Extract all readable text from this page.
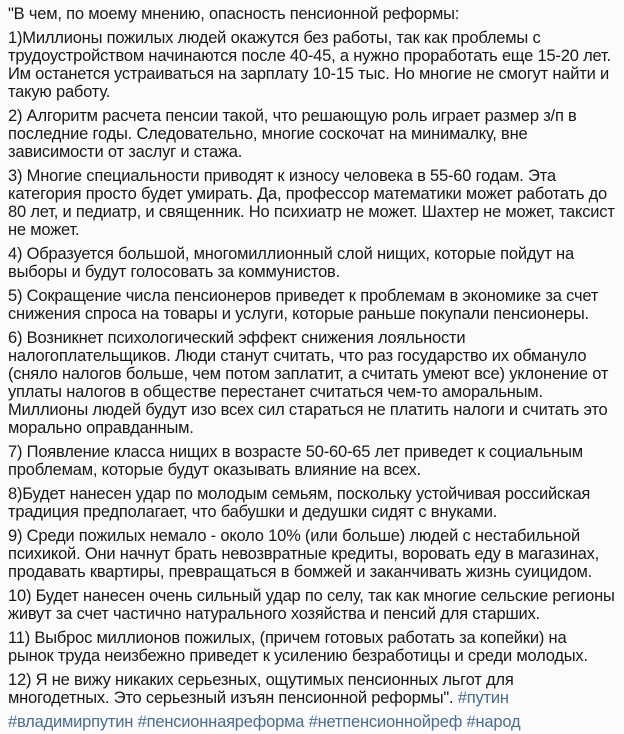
"В чем, по моему мнению, опасность пенсионной реформы:

1)Миллионы пожилых людей окажутся без работы, так как проблемы с трудоустройством начинаются после 40-45, а нужно проработать еще 15-20 лет. Им останется устраиваться на зарплату 10-15 тыс. Но многие не смогут найти и такую работу.

2) Алгоритм расчета пенсии такой, что решающую роль играет размер з/п в последние годы. Следовательно, многие соскочат на минималку, вне зависимости от заслуг и стажа.

3) Многие специальности приводят к износу человека в 55-60 годам. Эта категория просто будет умирать. Да, профессор математики может работать до 80 лет, и педиатр, и священник. Но психиатр не может. Шахтер не может, таксист не может.

4) Образуется большой, многомиллионный слой нищих, которые пойдут на выборы и будут голосовать за коммунистов.

5) Сокращение числа пенсионеров приведет к проблемам в экономике за счет снижения спроса на товары и услуги, которые раньше покупали пенсионеры.

6) Возникнет психологический эффект снижения лояльности налогоплательщиков. Люди станут считать, что раз государство их обмануло (сняло налогов больше, чем потом заплатит, а считать умеют все) уклонение от уплаты налогов в обществе перестанет считаться чем-то аморальным. Миллионы людей будут изо всех сил стараться не платить налоги и считать это морально оправданным.

7) Появление класса нищих в возрасте 50-60-65 лет приведет к социальным проблемам, которые будут оказывать влияние на всех.

8)Будет нанесен удар по молодым семьям, поскольку устойчивая российская традиция предполагает, что бабушки и дедушки сидят с внуками.

9) Среди пожилых немало - около 10% (или больше) людей с нестабильной психикой. Они начнут брать невозвратные кредиты, воровать еду в магазинах, продавать квартиры, превращаться в бомжей и заканчивать жизнь суицидом.

10) Будет нанесен очень сильный удар по селу, так как многие сельские регионы живут за счет частично натурального хозяйства и пенсий для старших.

11) Выброс миллионов пожилых, (причем готовых работать за копейки) на рынок труда неизбежно приведет к усилению безработицы и среди молодых.

12) Я не вижу никаких серьезных, ощутимых пенсионных льгот для многодетных. Это серьезный изъян пенсионной реформы". #путин

#владимирпутин #пенсионнаяреформа #нетпенсионнойреф #народ
